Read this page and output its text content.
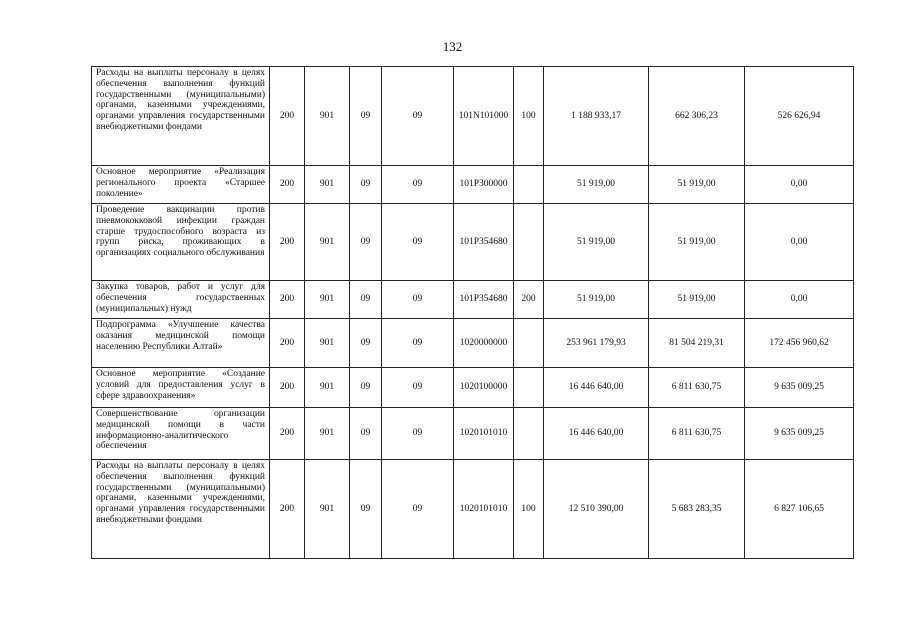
132
Расходы на выплаты персоналу в целях обеспечения выполнения функций государственными (муниципальными) органами, казенными учреждениями, органами управления государственными внебюджетными фондами	200	901	09	09	101N101000	100	1 188 933,17	662 306,23	526 626,94
Основное мероприятие «Реализация регионального проекта «Старшее поколение»	200	901	09	09	101P300000		51 919,00	51 919,00	0,00
Проведение вакцинации против пневмококковой инфекции граждан старше трудоспособного возраста из групп риска, проживающих в организациях социального обслуживания	200	901	09	09	101P354680		51 919,00	51 919,00	0,00
Закупка товаров, работ и услуг для обеспечения государственных (муниципальных) нужд	200	901	09	09	101P354680	200	51 919,00	51 919,00	0,00
Подпрограмма «Улучшение качества оказания медицинской помощи населению Республики Алтай»	200	901	09	09	1020000000		253 961 179,93	81 504 219,31	172 456 960,62
Основное мероприятие «Создание условий для предоставления услуг в сфере здравоохранения»	200	901	09	09	1020100000		16 446 640,00	6 811 630,75	9 635 009,25
Совершенствование организации медицинской помощи в части информационно-аналитического обеспечения	200	901	09	09	1020101010		16 446 640,00	6 811 630,75	9 635 009,25
Расходы на выплаты персоналу в целях обеспечения выполнения функций государственными (муниципальными) органами, казенными учреждениями, органами управления государственными внебюджетными фондами	200	901	09	09	1020101010	100	12 510 390,00	5 683 283,35	6 827 106,65
